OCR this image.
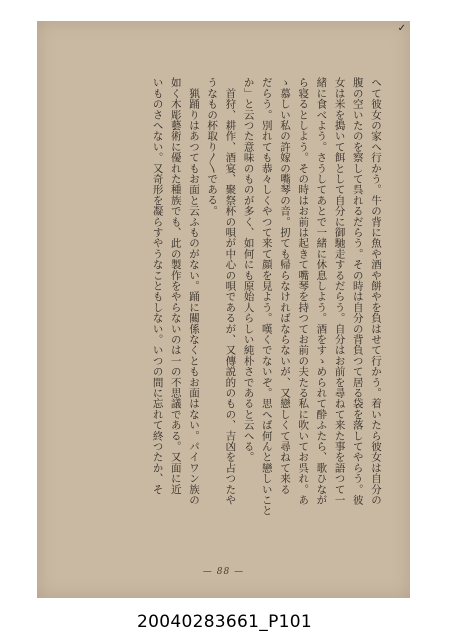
✓
へて彼女の家へ行かう。牛の背に魚や酒や餅やを負はせて行かう。着いたら彼女は自分の
腹の空いたのを察して呉れるだらう。その時は自分の背負つて居る袋を落してやらう。彼
女は米を搗いて餌として自分に御馳走するだらう。自分はお前を尋ねて来た事を語つて一
緒に食べよう。さうしてあとで一緒に休息しよう。酒をすゝめられて酔ふたら、歌ひなが
ら寝るとしよう。その時はお前は起きて嘴琴を持つてお前の夫たる私に吹いてお呉れ。あ
ゝ慕しい私の許嫁の嘴琴の音。扨ても帰らなければならないが、又戀しくて尋ねて来る
だらう。別れても恭々しくやつて来て顔を見よう。嘆くでないぞ。思へば何んと戀しいこと
か」と云つた意味のものが多く、如何にも原始人らしい純朴さであると云へる。
　首狩、耕作、酒宴、聚祭杯の唄が中心の唄であるが、又傳説的のもの、吉凶を占つたや
うなもの杯取り〳〵である。
　猟踊りはあつてもお面と云ふものがない。踊に關係なくともお面はない。パイワン族の
如く木彫藝術に優れた種族でも、此の製作をやらないのは一の不思議である。又面に近
いものさへない。又奇形を凝らすやうなこともしない。いつの間に忘れて終つたか、そ
— 88 —
20040283661_P101
